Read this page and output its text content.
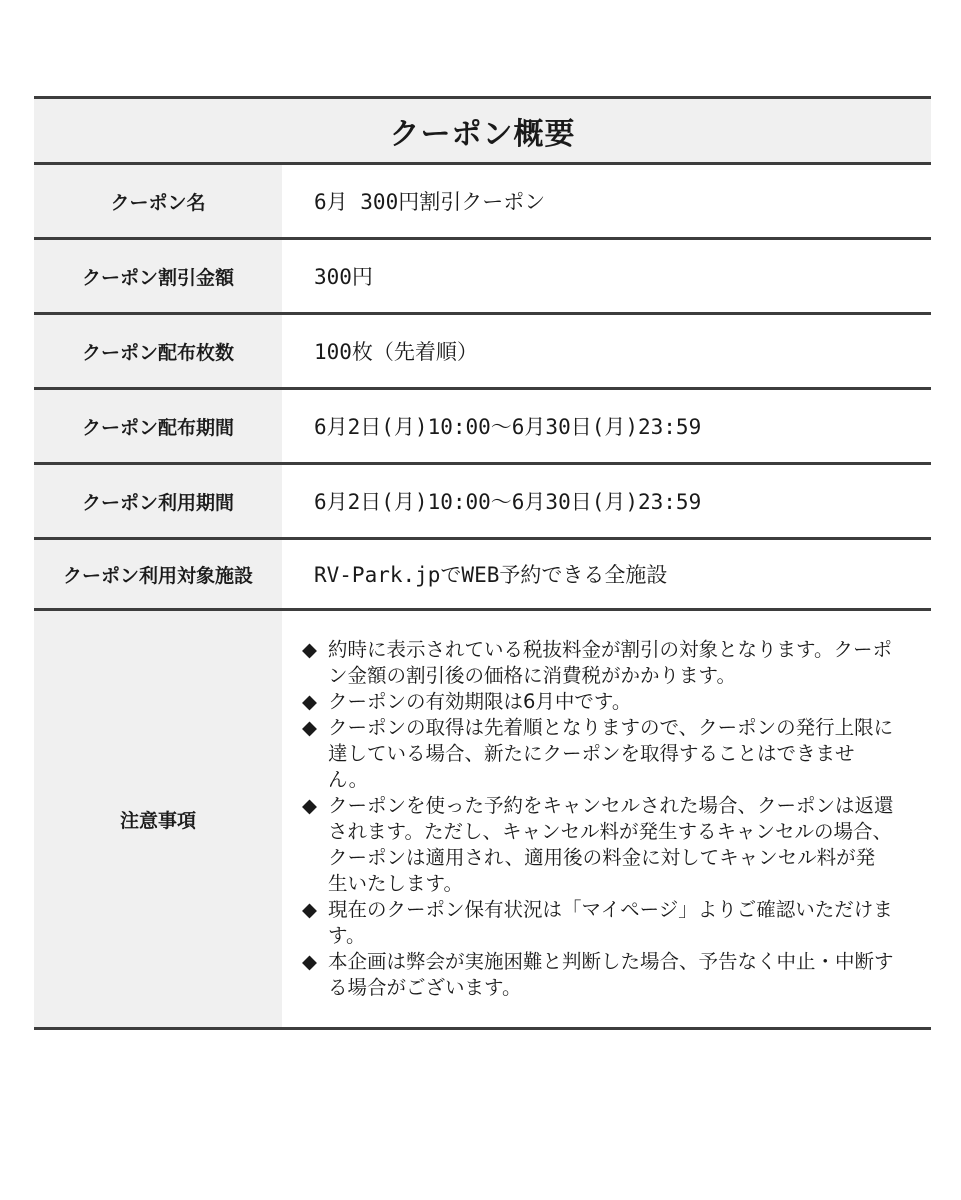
クーポン概要
クーポン名	6月 300円割引クーポン
クーポン割引金額	300円
クーポン配布枚数	100枚（先着順）
クーポン配布期間	6月2日(月)10:00～6月30日(月)23:59
クーポン利用期間	6月2日(月)10:00～6月30日(月)23:59
クーポン利用対象施設	RV-Park.jpでWEB予約できる全施設
注意事項
◆ 約時に表示されている税抜料金が割引の対象となります。クーポン金額の割引後の価格に消費税がかかります。
◆ クーポンの有効期限は6月中です。
◆ クーポンの取得は先着順となりますので、クーポンの発行上限に達している場合、新たにクーポンを取得することはできません。
◆ クーポンを使った予約をキャンセルされた場合、クーポンは返還されます。ただし、キャンセル料が発生するキャンセルの場合、クーポンは適用され、適用後の料金に対してキャンセル料が発生いたします。
◆ 現在のクーポン保有状況は「マイページ」よりご確認いただけます。
◆ 本企画は弊会が実施困難と判断した場合、予告なく中止・中断する場合がございます。
